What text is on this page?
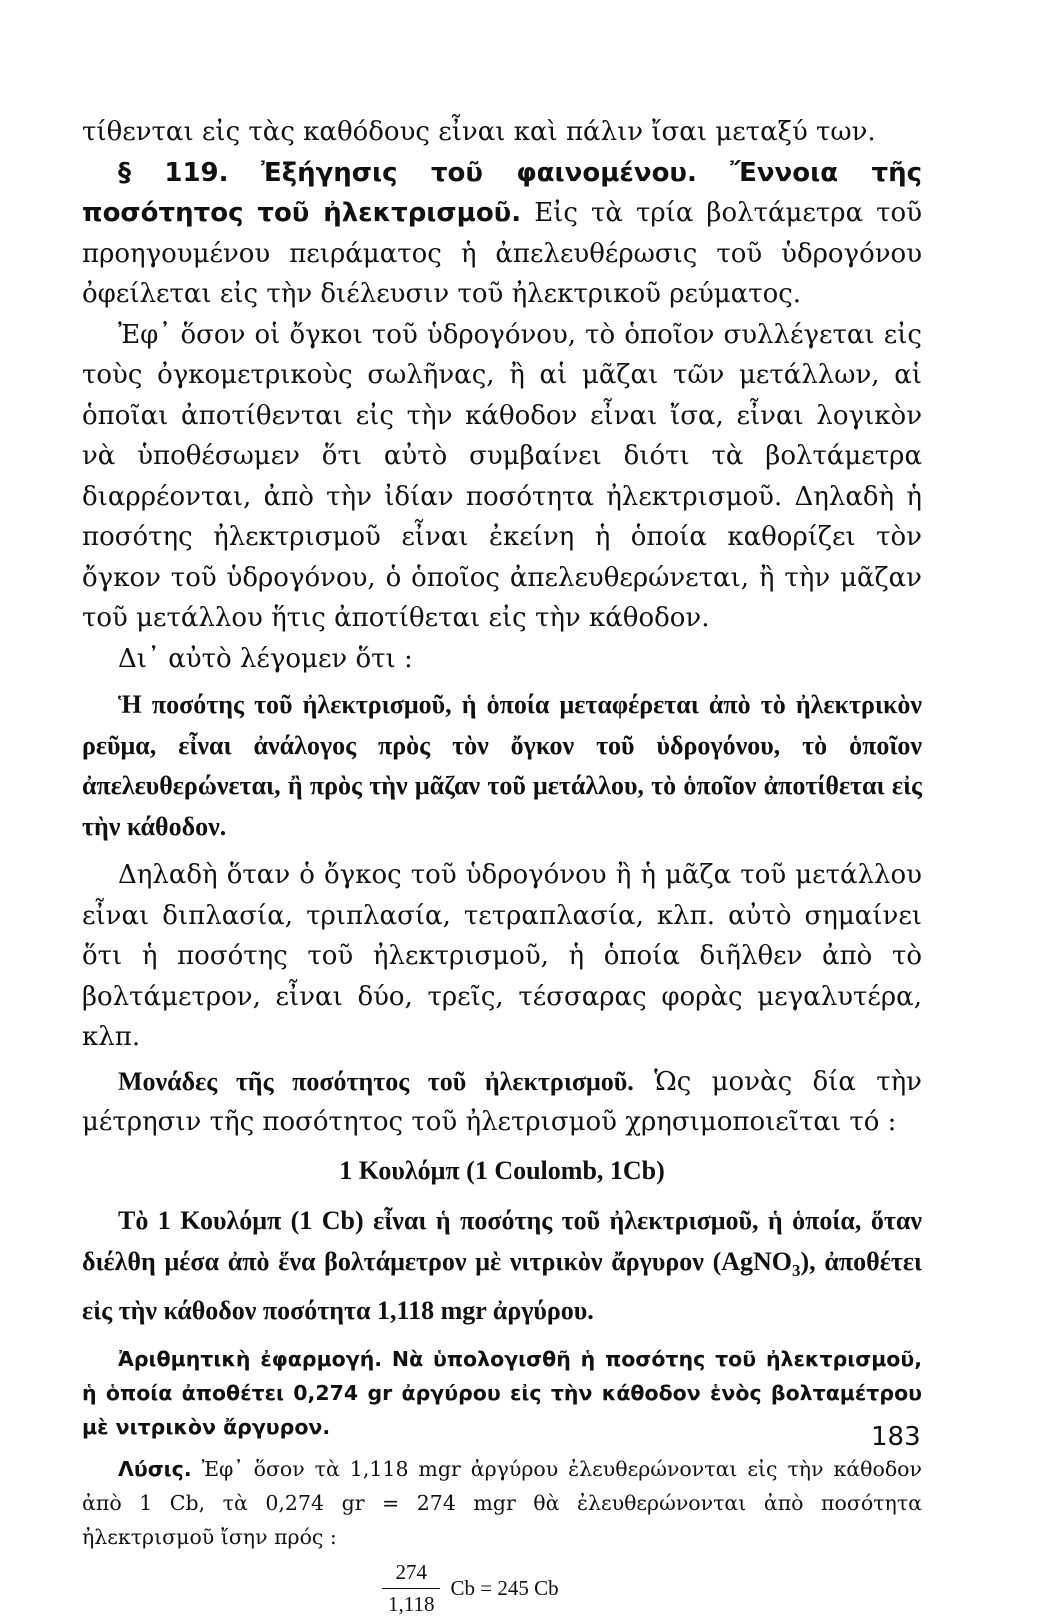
τίθενται εἰς τὰς καθόδους εἶναι καὶ πάλιν ἴσαι μεταξύ των.

§ 119. Ἐξήγησις τοῦ φαινομένου. Ἔννοια τῆς ποσότητος τοῦ ἠλεκτρισμοῦ. Εἰς τὰ τρία βολτάμετρα τοῦ προηγουμένου πειράματος ἡ ἀπελευθέρωσις τοῦ ὑδρογόνου ὀφείλεται εἰς τὴν διέλευσιν τοῦ ἠλεκτρικοῦ ρεύματος.

Ἐφ᾽ ὅσον οἱ ὄγκοι τοῦ ὑδρογόνου, τὸ ὁποῖον συλλέγεται εἰς τοὺς ὀγκομετρικοὺς σωλῆνας, ἢ αἱ μᾶζαι τῶν μετάλλων, αἱ ὁποῖαι ἀποτίθενται εἰς τὴν κάθοδον εἶναι ἴσα, εἶναι λογικὸν νὰ ὑποθέσωμεν ὅτι αὐτὸ συμβαίνει διότι τὰ βολτάμετρα διαρρέονται, ἀπὸ τὴν ἰδίαν ποσότητα ἠλεκτρισμοῦ. Δηλαδὴ ἡ ποσότης ἠλεκτρισμοῦ εἶναι ἐκείνη ἡ ὁποία καθορίζει τὸν ὄγκον τοῦ ὑδρογόνου, ὁ ὁποῖος ἀπελευθερώνεται, ἢ τὴν μᾶζαν τοῦ μετάλλου ἥτις ἀποτίθεται εἰς τὴν κάθοδον.

Δι᾽ αὐτὸ λέγομεν ὅτι :

Ἡ ποσότης τοῦ ἠλεκτρισμοῦ, ἡ ὁποία μεταφέρεται ἀπὸ τὸ ἠλεκτρικὸν ρεῦμα, εἶναι ἀνάλογος πρὸς τὸν ὄγκον τοῦ ὑδρογόνου, τὸ ὁποῖον ἀπελευθερώνεται, ἢ πρὸς τὴν μᾶζαν τοῦ μετάλλου, τὸ ὁποῖον ἀποτίθεται εἰς τὴν κάθοδον.

Δηλαδὴ ὅταν ὁ ὄγκος τοῦ ὑδρογόνου ἢ ἡ μᾶζα τοῦ μετάλλου εἶναι διπλασία, τριπλασία, τετραπλασία, κλπ. αὐτὸ σημαίνει ὅτι ἡ ποσότης τοῦ ἠλεκτρισμοῦ, ἡ ὁποία διῆλθεν ἀπὸ τὸ βολτάμετρον, εἶναι δύο, τρεῖς, τέσσαρας φορὰς μεγαλυτέρα, κλπ.

Μονάδες τῆς ποσότητος τοῦ ἠλεκτρισμοῦ. Ὡς μονὰς δία τὴν μέτρησιν τῆς ποσότητος τοῦ ἠλετρισμοῦ χρησιμοποιεῖται τό :

1 Κουλόμπ (1 Coulomb, 1Cb)

Τὸ 1 Κουλόμπ (1 Cb) εἶναι ἡ ποσότης τοῦ ἠλεκτρισμοῦ, ἡ ὁποία, ὅταν διέλθη μέσα ἀπὸ ἕνα βολτάμετρον μὲ νιτρικὸν ἄργυρον (AgNO$_3$), ἀποθέτει εἰς τὴν κάθοδον ποσότητα 1,118 mgr ἀργύρου.

Ἀριθμητικὴ ἐφαρμογή. Νὰ ὑπολογισθῆ ἡ ποσότης τοῦ ἠλεκτρισμοῦ, ἡ ὁποία ἀποθέτει 0,274 gr ἀργύρου εἰς τὴν κάθοδον ἑνὸς βολταμέτρου μὲ νιτρικὸν ἄργυρον.

Λύσις. Ἐφ᾽ ὅσον τὰ 1,118 mgr ἀργύρου ἐλευθερώνονται εἰς τὴν κάθοδον ἀπὸ 1 Cb, τὰ 0,274 gr = 274 mgr θὰ ἐλευθερώνονται ἀπὸ ποσότητα ἠλεκτρισμοῦ ἴσην πρός :

$\frac{274}{1,118}$ Cb = 245 Cb
183
